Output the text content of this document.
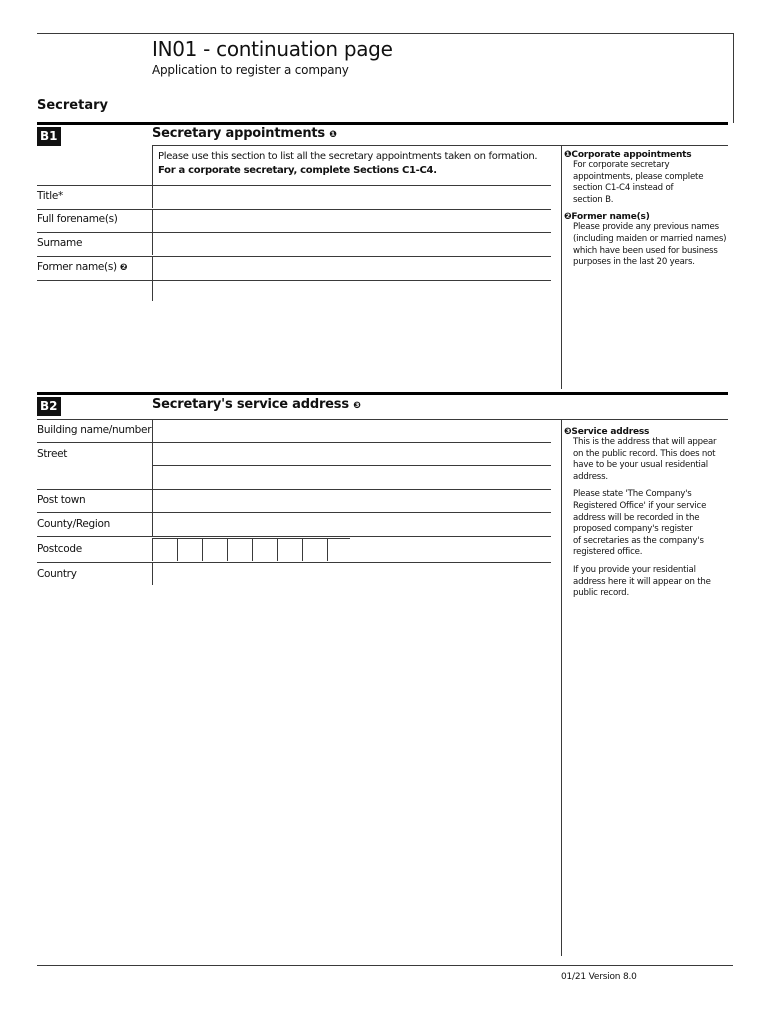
IN01 - continuation page
Application to register a company
Secretary
B1	Secretary appointments ❶
Please use this section to list all the secretary appointments taken on formation.
For a corporate secretary, complete Sections C1-C4.
Title*
Full forename(s)
Surname
Former name(s) ❷
❶Corporate appointments
For corporate secretary
appointments, please complete
section C1-C4 instead of
section B.
❷Former name(s)
Please provide any previous names
(including maiden or married names)
which have been used for business
purposes in the last 20 years.
B2	Secretary's service address ❸
Building name/number
Street
Post town
County/Region
Postcode
Country
❸Service address
This is the address that will appear
on the public record. This does not
have to be your usual residential
address.
Please state 'The Company's
Registered Office' if your service
address will be recorded in the
proposed company's register
of secretaries as the company's
registered office.
If you provide your residential
address here it will appear on the
public record.
01/21 Version 8.0
